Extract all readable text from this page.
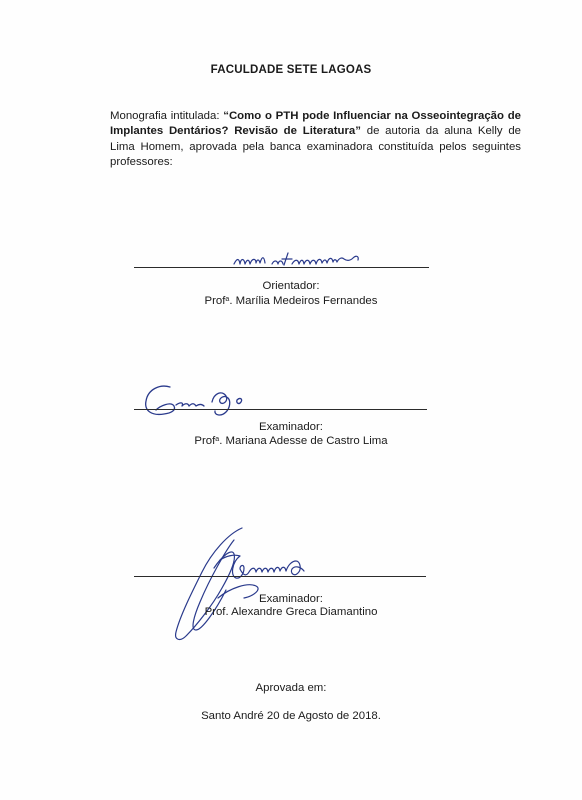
FACULDADE SETE LAGOAS
Monografia intitulada: “Como o PTH pode Influenciar na Osseointegração de Implantes Dentários? Revisão de Literatura” de autoria da aluna Kelly de Lima Homem, aprovada pela banca examinadora constituída pelos seguintes professores:
Orientador:
Prof$^a$. Marília Medeiros Fernandes
Examinador:
Prof$^a$. Mariana Adesse de Castro Lima
Examinador:
Prof. Alexandre Greca Diamantino
Aprovada em:
Santo André 20 de Agosto de 2018.
